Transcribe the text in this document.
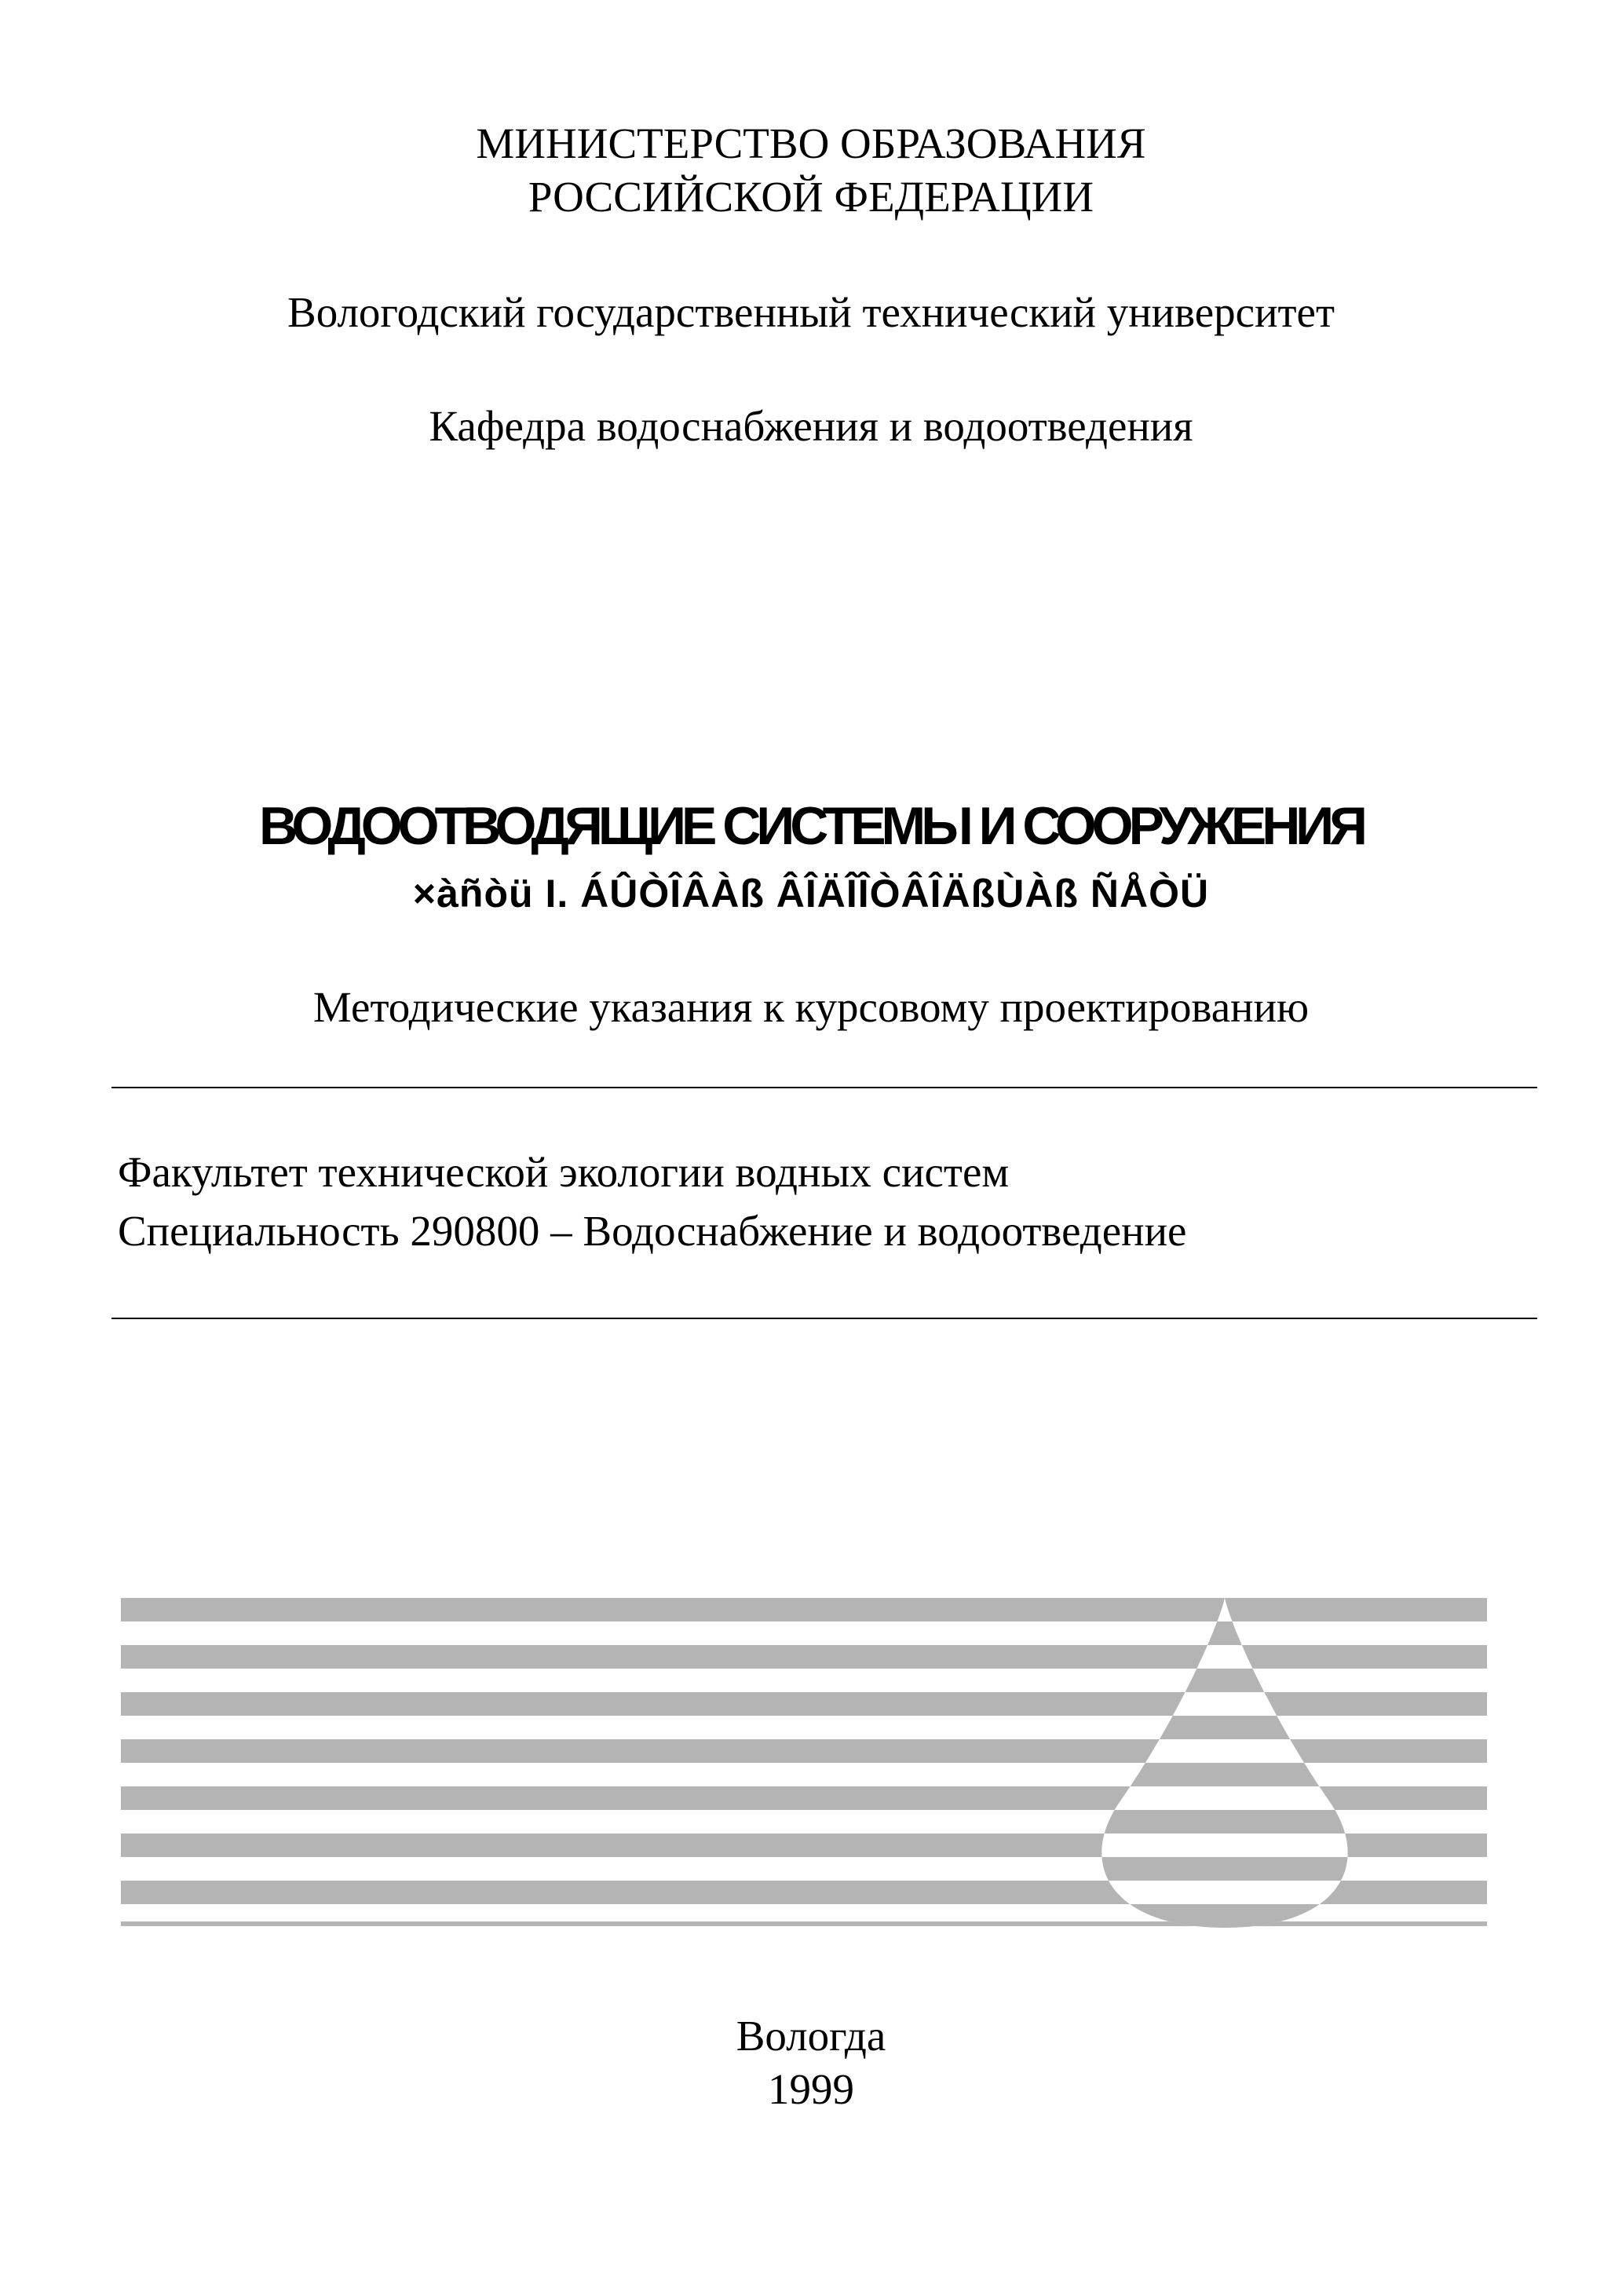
МИНИСТЕРСТВО ОБРАЗОВАНИЯ
РОССИЙСКОЙ ФЕДЕРАЦИИ
Вологодский государственный технический университет
Кафедра водоснабжения и водоотведения
ВОДООТВОДЯЩИЕ СИСТЕМЫ И СООРУЖЕНИЯ
×àñòü I. ÁÛÒÎÂÀß ÂÎÄÎÎÒÂÎÄßÙÀß ÑÅÒÜ
Методические указания к курсовому проектированию
Факультет технической экологии водных систем
Специальность 290800 – Водоснабжение и водоотведение
Вологда
1999
